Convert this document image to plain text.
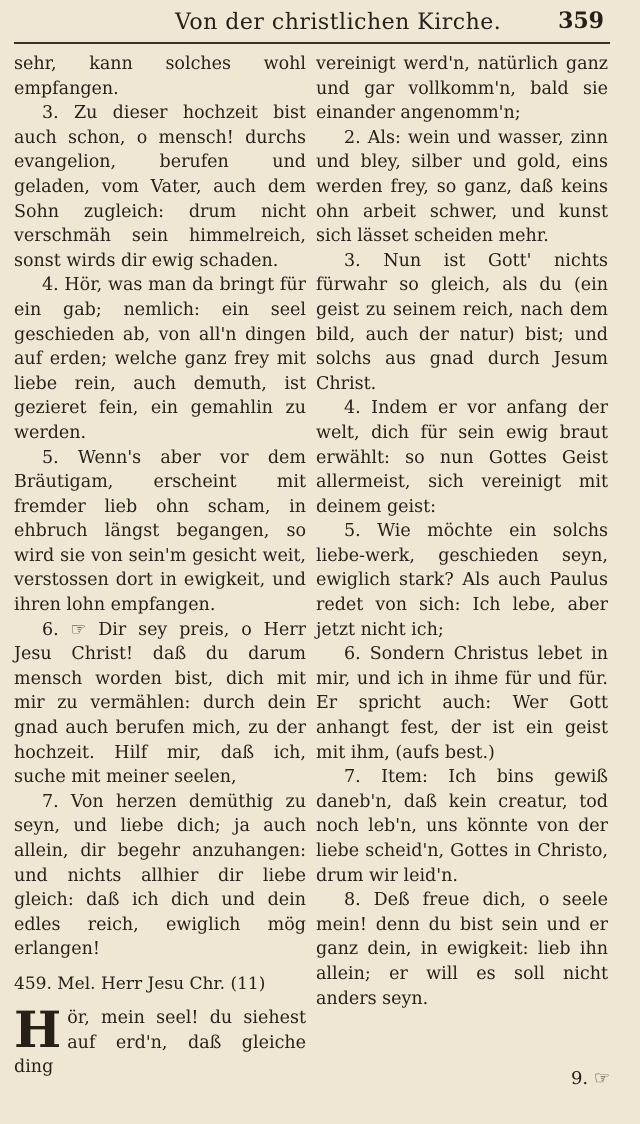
Von der christlichen Kirche.	359

sehr, kann solches wohl empfangen.

3. Zu dieser hochzeit bist auch schon, o mensch! durchs evangelion, berufen und geladen, vom Vater, auch dem Sohn zugleich: drum nicht verschmäh sein himmelreich, sonst wirds dir ewig schaden.

4. Hör, was man da bringt für ein gab; nemlich: ein seel geschieden ab, von all'n dingen auf erden; welche ganz frey mit liebe rein, auch demuth, ist gezieret fein, ein gemahlin zu werden.

5. Wenn's aber vor dem Bräutigam, erscheint mit fremder lieb ohn scham, in ehbruch längst begangen, so wird sie von sein'm gesicht weit, verstossen dort in ewigkeit, und ihren lohn empfangen.

6. ☞ Dir sey preis, o Herr Jesu Christ! daß du darum mensch worden bist, dich mit mir zu vermählen: durch dein gnad auch berufen mich, zu der hochzeit. Hilf mir, daß ich, suche mit meiner seelen,

7. Von herzen demüthig zu seyn, und liebe dich; ja auch allein, dir begehr anzuhangen: und nichts allhier dir liebe gleich: daß ich dich und dein edles reich, ewiglich mög erlangen!

459. Mel. Herr Jesu Chr. (11)
H ör, mein seel! du siehest auf erd'n, daß gleiche ding

vereinigt werd'n, natürlich ganz und gar vollkomm'n, bald sie einander angenomm'n;

2. Als: wein und wasser, zinn und bley, silber und gold, eins werden frey, so ganz, daß keins ohn arbeit schwer, und kunst sich lässet scheiden mehr.

3. Nun ist Gott' nichts fürwahr so gleich, als du (ein geist zu seinem reich, nach dem bild, auch der natur) bist; und solchs aus gnad durch Jesum Christ.

4. Indem er vor anfang der welt, dich für sein ewig braut erwählt: so nun Gottes Geist allermeist, sich vereinigt mit deinem geist:

5. Wie möchte ein solchs liebe-werk, geschieden seyn, ewiglich stark? Als auch Paulus redet von sich: Ich lebe, aber jetzt nicht ich;

6. Sondern Christus lebet in mir, und ich in ihme für und für. Er spricht auch: Wer Gott anhangt fest, der ist ein geist mit ihm, (aufs best.)

7. Item: Ich bins gewiß daneb'n, daß kein creatur, tod noch leb'n, uns könnte von der liebe scheid'n, Gottes in Christo, drum wir leid'n.

8. Deß freue dich, o seele mein! denn du bist sein und er ganz dein, in ewigkeit: lieb ihn allein; er will es soll nicht anders seyn.

9. ☞
